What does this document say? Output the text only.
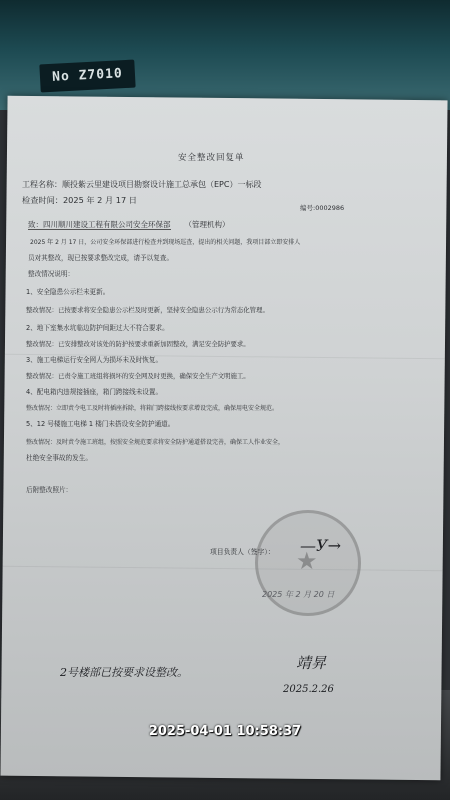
No Z7010
安全整改回复单
工程名称：顺投紫云里建设项目勘察设计施工总承包（EPC）一标段
检查时间：2025 年 2 月 17 日
编号:0002986
致：四川顺川建设工程有限公司安全环保部 （管理机构）
2025 年 2 月 17 日，公司安全环保部进行检查并到现场巡查，提出的相关问题，我项目部立即安排人
员对其整改，现已按要求整改完成，请予以复查。
整改情况说明：
1、安全隐患公示栏未更新。
整改情况：已按要求将安全隐患公示栏及时更新，坚持安全隐患公示行为常态化管理。
2、地下室集水坑临边防护间距过大不符合要求。
整改情况：已安排整改对该处的防护按要求重新加固整改，满足安全防护要求。
3、施工电梯运行安全网人为损坏未及时恢复。
整改情况：已责令施工班组将损坏的安全网及时更换，确保安全生产文明施工。
4、配电箱内违规接插座，箱门跨接线未设置。
整改情况：立即责令电工及时将插座拆除，将箱门跨接线按要求增设完成，确保用电安全规范。
5、12 号楼施工电梯 1 楼门未搭设安全防护通道。
整改情况：及时责令施工班组，按照安全规范要求将安全防护通道搭设完善，确保工人作业安全，
杜绝安全事故的发生。
后附整改照片：
★
项目负责人（签字）： —У→
2025 年 2 月 20 日
2号楼部已按要求设整改。
靖昇
2025.2.26
2025-04-01 10:58:37
